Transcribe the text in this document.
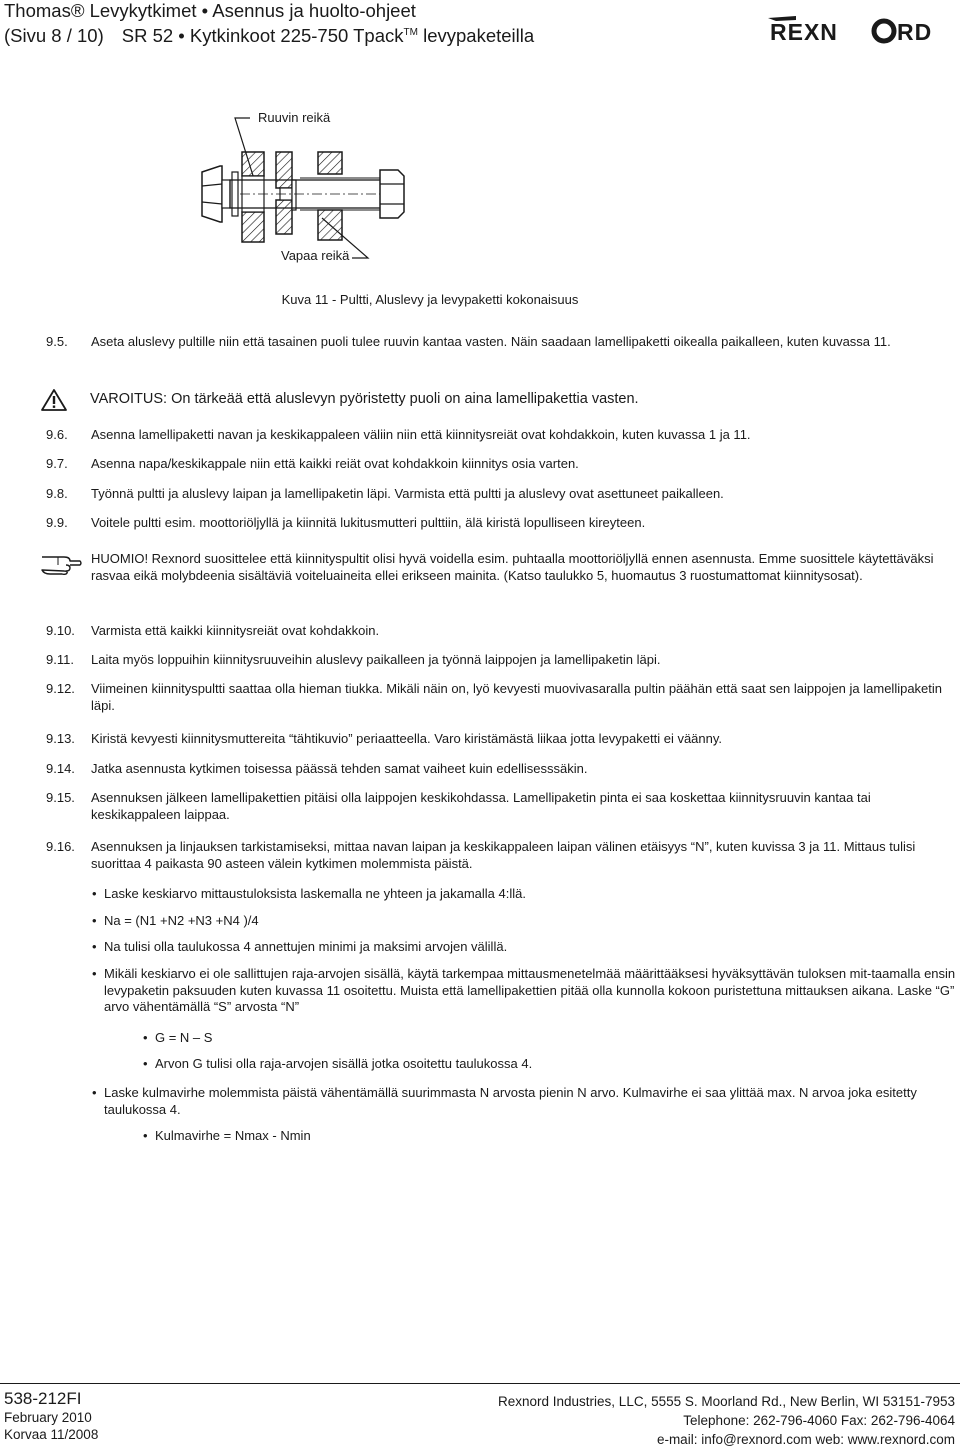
Thomas® Levykytkimet • Asennus ja huolto-ohjeet
(Sivu 8 / 10) SR 52 • Kytkinkoot 225-750 Tpack™ levypaketeilla	REXN	RD
Ruuvin reikä
Vapaa reikä
Kuva 11 - Pultti, Aluslevy ja levypaketti kokonaisuus
9.5. Aseta aluslevy pultille niin että tasainen puoli tulee ruuvin kantaa vasten. Näin saadaan lamellipaketti oikealla paikalleen, kuten kuvassa 11.
VAROITUS: On tärkeää että aluslevyn pyöristetty puoli on aina lamellipakettia vasten.
9.6. Asenna lamellipaketti navan ja keskikappaleen väliin niin että kiinnitysreiät ovat kohdakkoin, kuten kuvassa 1 ja 11.
9.7. Asenna napa/keskikappale niin että kaikki reiät ovat kohdakkoin kiinnitys osia varten.
9.8. Työnnä pultti ja aluslevy laipan ja lamellipaketin läpi. Varmista että pultti ja aluslevy ovat asettuneet paikalleen.
9.9. Voitele pultti esim. moottoriöljyllä ja kiinnitä lukitusmutteri pulttiin, älä kiristä lopulliseen kireyteen.
HUOMIO! Rexnord suosittelee että kiinnityspultit olisi hyvä voidella esim. puhtaalla moottoriöljyllä ennen asennusta. Emme suosittele käytettäväksi rasvaa eikä molybdeenia sisältäviä voiteluaineita ellei erikseen mainita. (Katso taulukko 5, huomautus 3 ruostumattomat kiinnitysosat).
9.10. Varmista että kaikki kiinnitysreiät ovat kohdakkoin.
9.11. Laita myös loppuihin kiinnitysruuveihin aluslevy paikalleen ja työnnä laippojen ja lamellipaketin läpi.
9.12. Viimeinen kiinnityspultti saattaa olla hieman tiukka. Mikäli näin on, lyö kevyesti muovivasaralla pultin päähän että saat sen laippojen ja lamellipaketin läpi.
9.13. Kiristä kevyesti kiinnitysmuttereita “tähtikuvio” periaatteella. Varo kiristämästä liikaa jotta levypaketti ei väänny.
9.14. Jatka asennusta kytkimen toisessa päässä tehden samat vaiheet kuin edellisesssäkin.
9.15. Asennuksen jälkeen lamellipakettien pitäisi olla laippojen keskikohdassa. Lamellipaketin pinta ei saa koskettaa kiinnitysruuvin kantaa tai keskikappaleen laippaa.
9.16. Asennuksen ja linjauksen tarkistamiseksi, mittaa navan laipan ja keskikappaleen laipan välinen etäisyys “N”, kuten kuvissa 3 ja 11. Mittaus tulisi suorittaa 4 paikasta 90 asteen välein kytkimen molemmista päistä.
• Laske keskiarvo mittaustuloksista laskemalla ne yhteen ja jakamalla 4:llä.
• Na = (N1 +N2 +N3 +N4 )/4
• Na tulisi olla taulukossa 4 annettujen minimi ja maksimi arvojen välillä.
• Mikäli keskiarvo ei ole sallittujen raja-arvojen sisällä, käytä tarkempaa mittausmenetelmää määrittääksesi hyväksyttävän tuloksen mit-taamalla ensin levypaketin paksuuden kuten kuvassa 11 osoitettu. Muista että lamellipakettien pitää olla kunnolla kokoon puristettuna mittauksen aikana. Laske “G” arvo vähentämällä “S” arvosta “N”
• G = N – S
• Arvon G tulisi olla raja-arvojen sisällä jotka osoitettu taulukossa 4.
• Laske kulmavirhe molemmista päistä vähentämällä suurimmasta N arvosta pienin N arvo. Kulmavirhe ei saa ylittää max. N arvoa joka esitetty taulukossa 4.
• Kulmavirhe = Nmax - Nmin
538-212FI
February 2010
Korvaa 11/2008
Rexnord Industries, LLC, 5555 S. Moorland Rd., New Berlin, WI 53151-7953
Telephone: 262-796-4060 Fax: 262-796-4064
e-mail: info@rexnord.com web: www.rexnord.com
